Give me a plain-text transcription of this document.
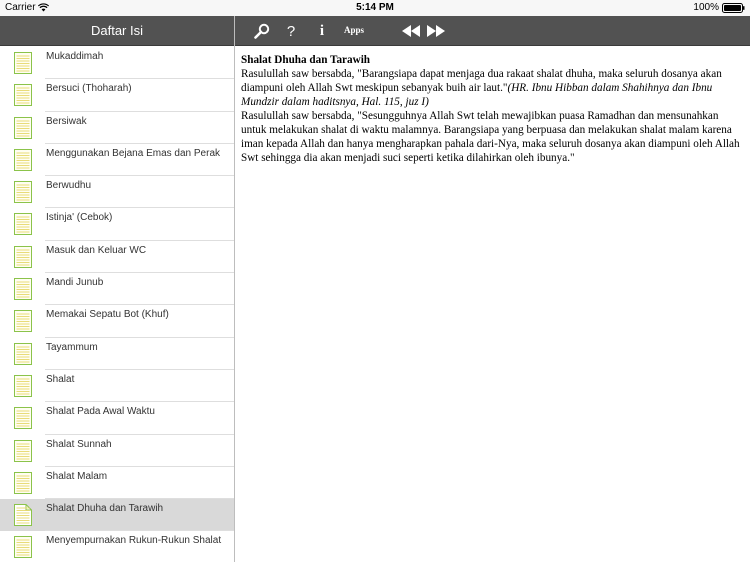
Carrier	5:14 PM	100%
Daftar Isi	?	i	Apps
Mukaddimah
Bersuci (Thoharah)
Bersiwak
Menggunakan Bejana Emas dan Perak
Berwudhu
Istinja' (Cebok)
Masuk dan Keluar WC
Mandi Junub
Memakai Sepatu Bot (Khuf)
Tayammum
Shalat
Shalat Pada Awal Waktu
Shalat Sunnah
Shalat Malam
Shalat Dhuha dan Tarawih
Menyempurnakan Rukun-Rukun Shalat
Shalat Dhuha dan Tarawih
Rasulullah saw bersabda, "Barangsiapa dapat menjaga dua rakaat shalat dhuha, maka seluruh dosanya akan diampuni oleh Allah Swt meskipun sebanyak buih air laut."(HR. Ibnu Hibban dalam Shahihnya dan Ibnu Mundzir dalam haditsnya, Hal. 115, juz I)
Rasulullah saw bersabda, "Sesungguhnya Allah Swt telah mewajibkan puasa Ramadhan dan mensunahkan untuk melakukan shalat di waktu malamnya. Barangsiapa yang berpuasa dan melakukan shalat malam karena iman kepada Allah dan hanya mengharapkan pahala dari-Nya, maka seluruh dosanya akan diampuni oleh Allah Swt sehingga dia akan menjadi suci seperti ketika dilahirkan oleh ibunya."
